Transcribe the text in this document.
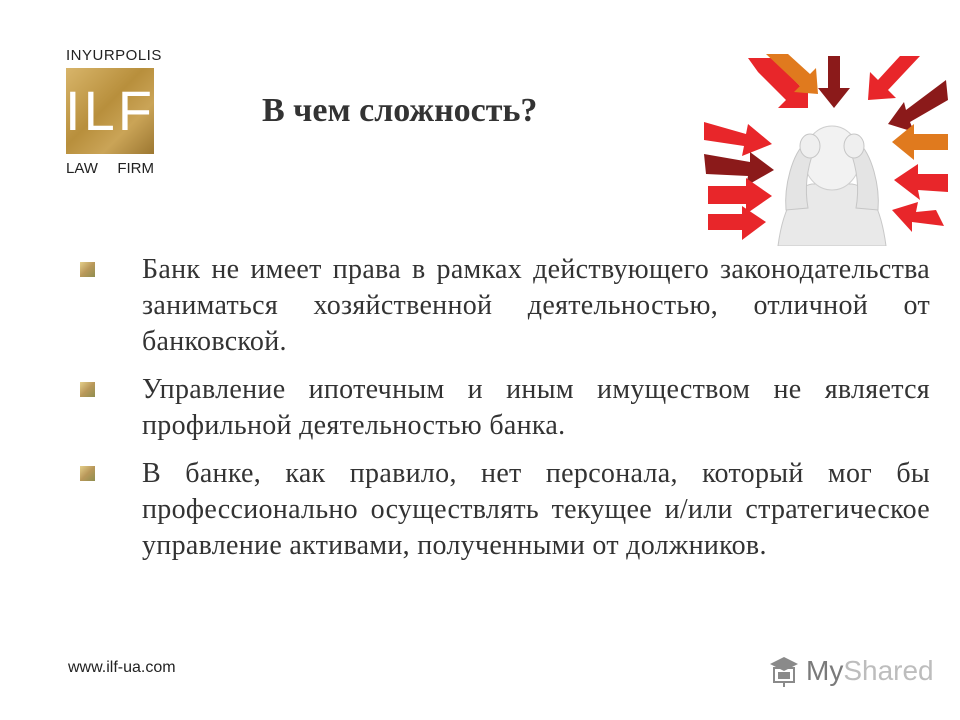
INYURPOLIS
ILF
LAW FIRM
В чем сложность?
Банк не имеет права в рамках действующего законодательства заниматься хозяйственной деятельностью, отличной от банковской.
Управление ипотечным и иным имуществом не является профильной деятельностью банка.
В банке, как правило, нет персонала, который мог бы профессионально осуществлять текущее и/или стратегическое управление активами, полученными от должников.
www.ilf-ua.com	My Shared
